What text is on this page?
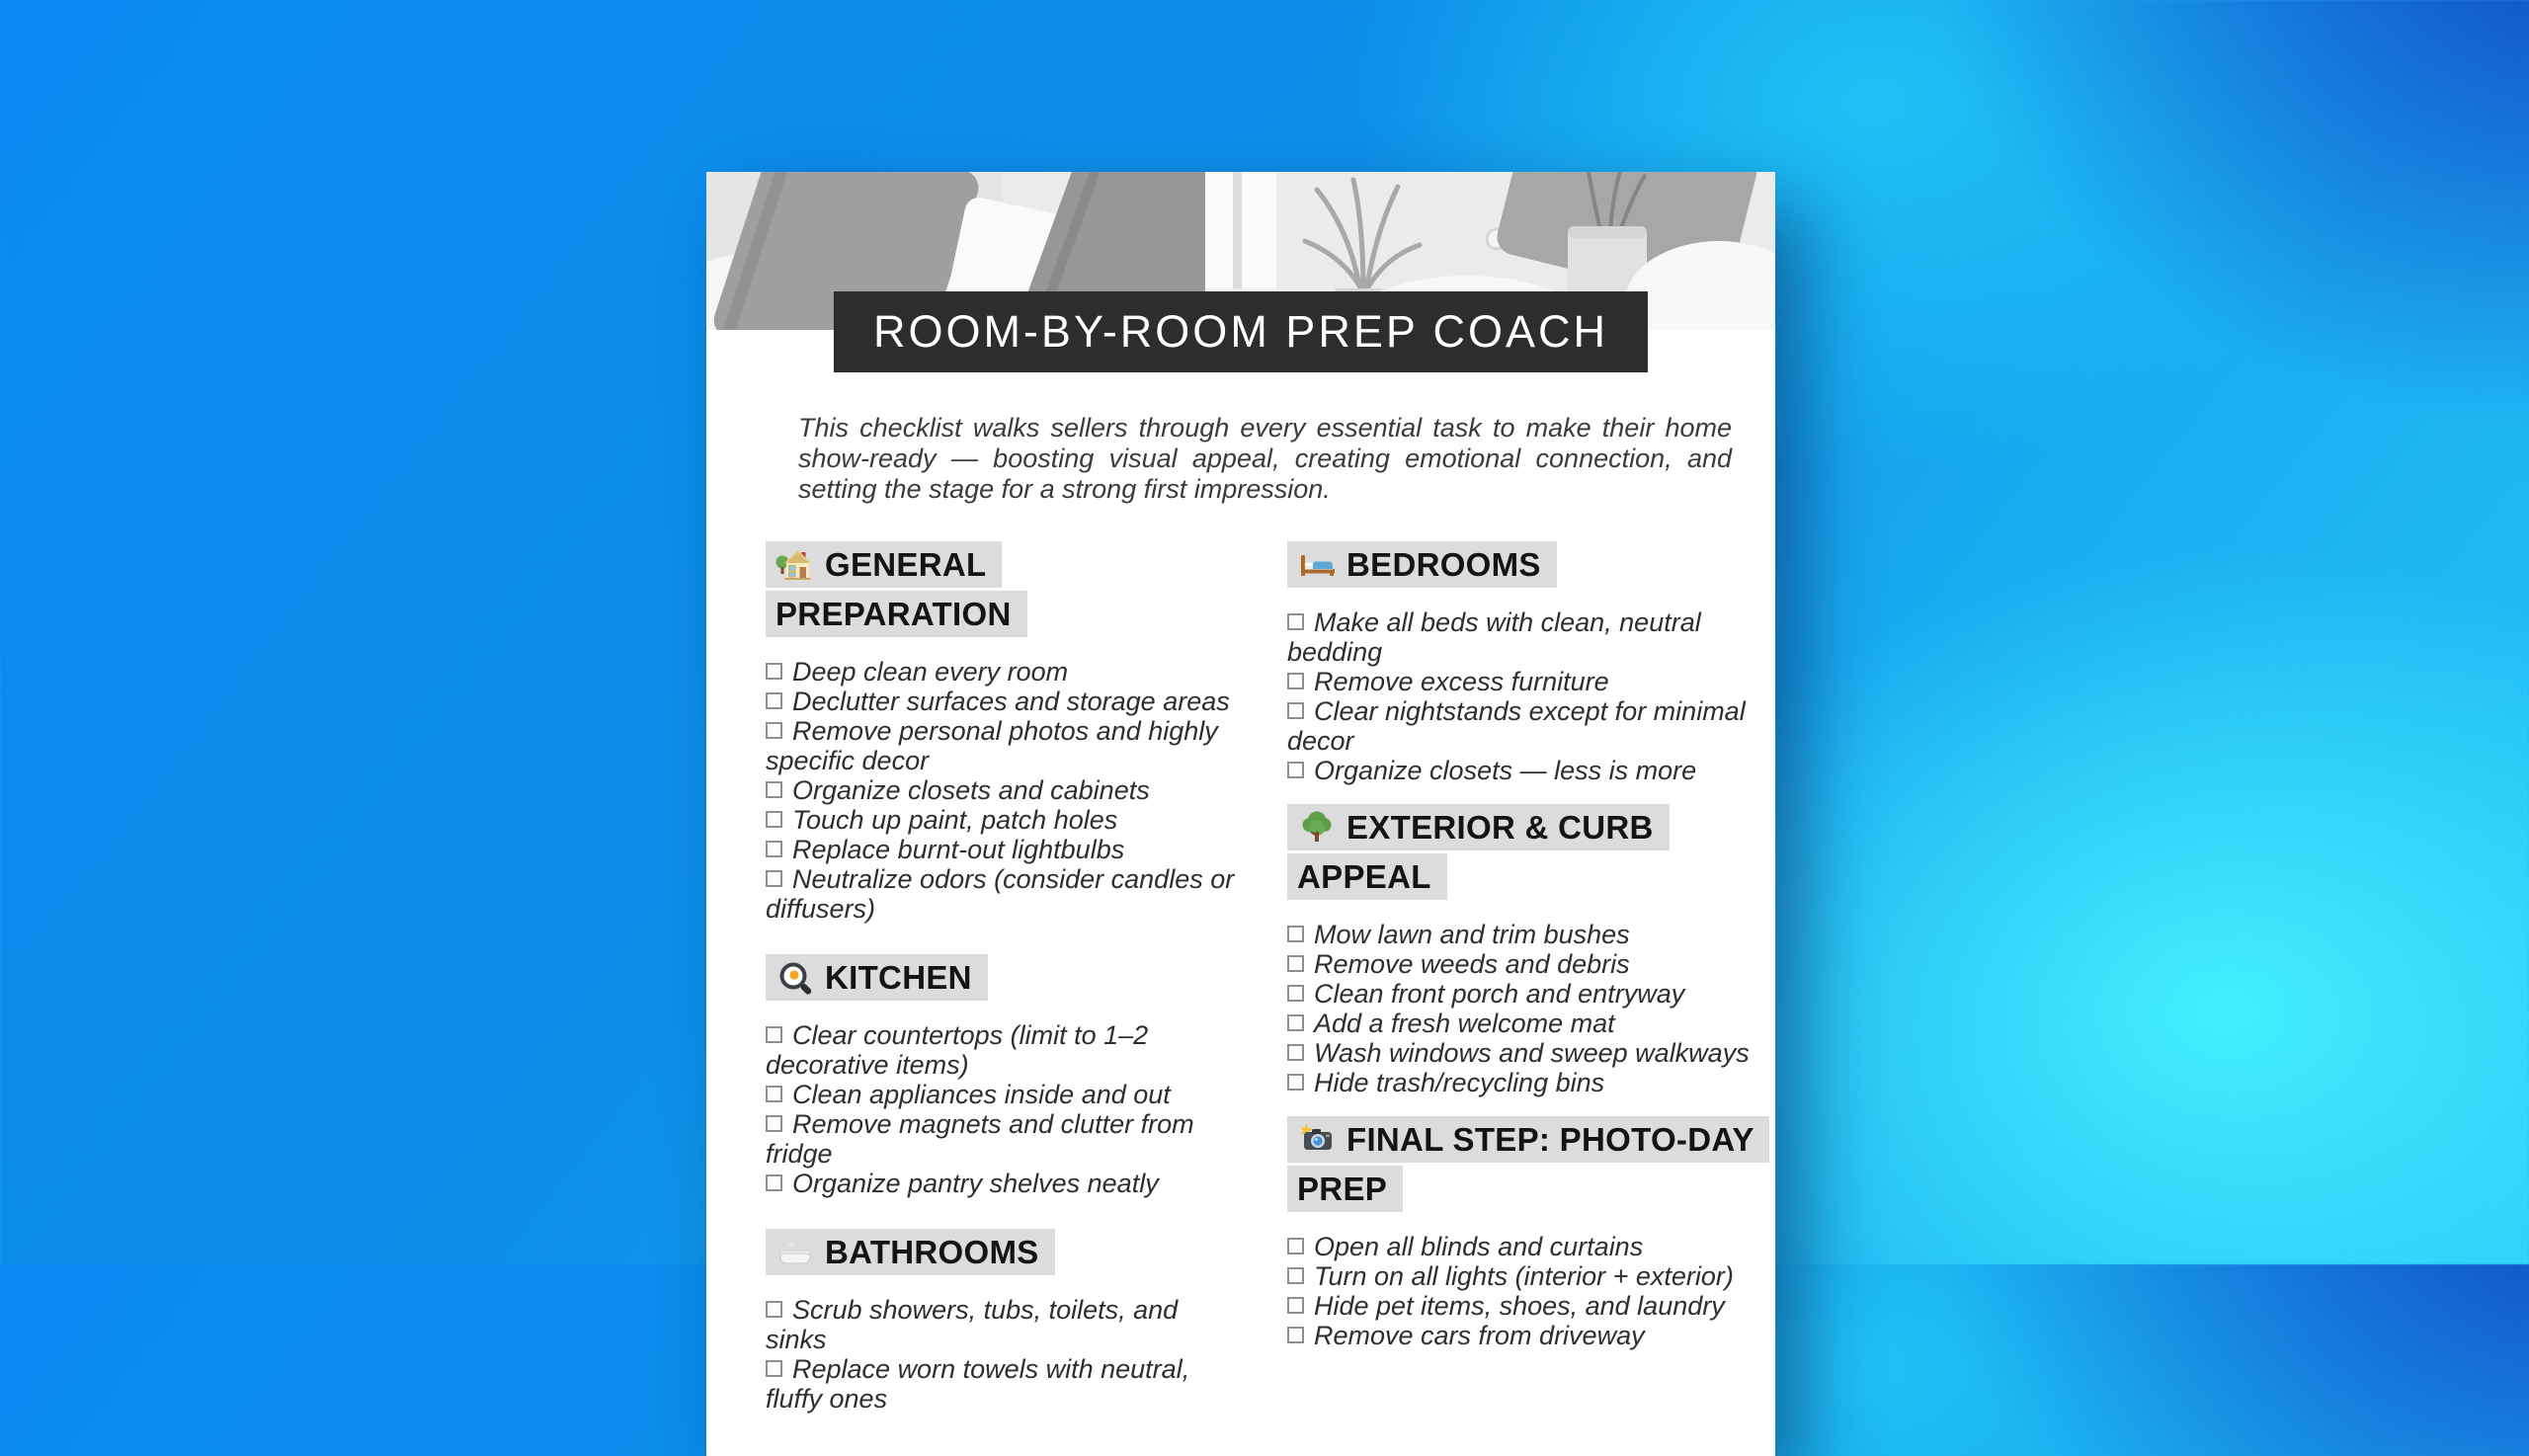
ROOM-BY-ROOM PREP COACH

This checklist walks sellers through every essential task to make their home show-ready — boosting visual appeal, creating emotional connection, and setting the stage for a strong first impression.

GENERAL PREPARATION
Deep clean every room
Declutter surfaces and storage areas
Remove personal photos and highly specific decor
Organize closets and cabinets
Touch up paint, patch holes
Replace burnt-out lightbulbs
Neutralize odors (consider candles or diffusers)
KITCHEN
Clear countertops (limit to 1–2 decorative items)
Clean appliances inside and out
Remove magnets and clutter from fridge
Organize pantry shelves neatly
BATHROOMS
Scrub showers, tubs, toilets, and sinks
Replace worn towels with neutral, fluffy ones
BEDROOMS
Make all beds with clean, neutral bedding
Remove excess furniture
Clear nightstands except for minimal decor
Organize closets — less is more
EXTERIOR & CURB APPEAL
Mow lawn and trim bushes
Remove weeds and debris
Clean front porch and entryway
Add a fresh welcome mat
Wash windows and sweep walkways
Hide trash/recycling bins
FINAL STEP: PHOTO-DAY PREP
Open all blinds and curtains
Turn on all lights (interior + exterior)
Hide pet items, shoes, and laundry
Remove cars from driveway
